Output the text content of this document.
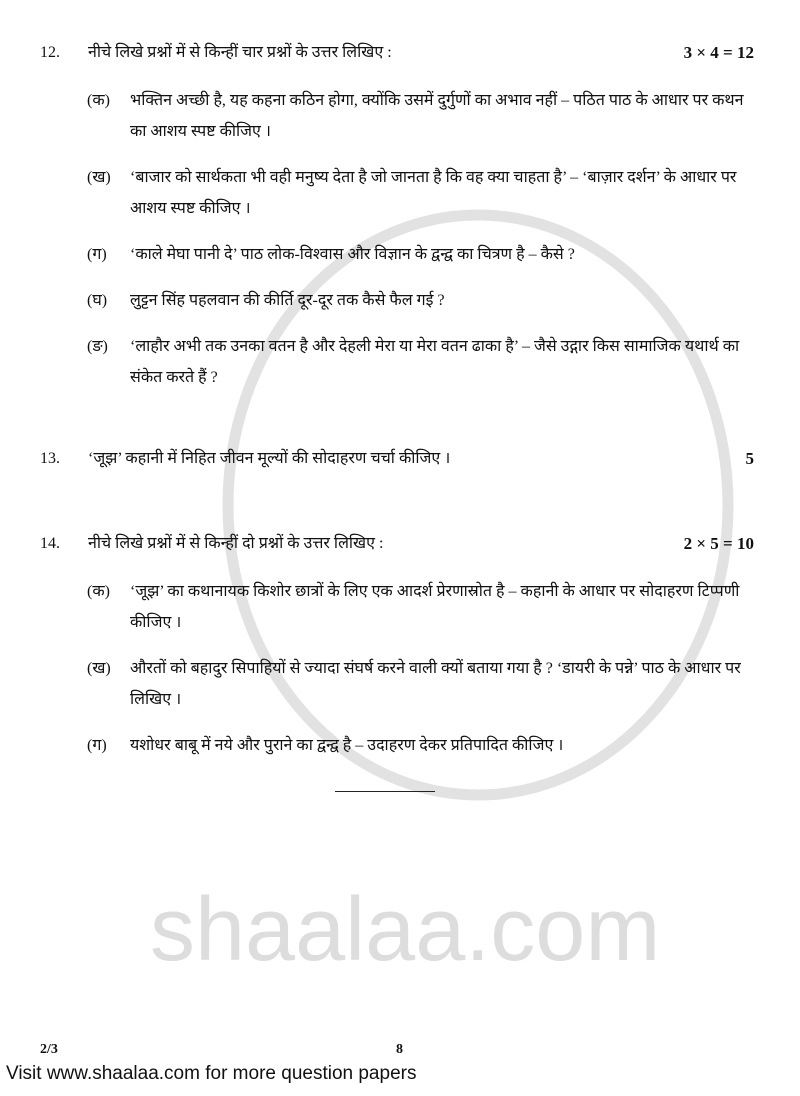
shaalaa.com
12.	नीचे लिखे प्रश्नों में से किन्हीं चार प्रश्नों के उत्तर लिखिए :	3 × 4 = 12
(क)	भक्तिन अच्छी है, यह कहना कठिन होगा, क्योंकि उसमें दुर्गुणों का अभाव नहीं – पठित पाठ के आधार पर कथन का आशय स्पष्ट कीजिए ।
(ख)	‘बाजार को सार्थकता भी वही मनुष्य देता है जो जानता है कि वह क्या चाहता है’ – ‘बाज़ार दर्शन’ के आधार पर आशय स्पष्ट कीजिए ।
(ग)	‘काले मेघा पानी दे’ पाठ लोक-विश्वास और विज्ञान के द्वन्द्व का चित्रण है – कैसे ?
(घ)	लुट्टन सिंह पहलवान की कीर्ति दूर-दूर तक कैसे फैल गई ?
(ङ)	‘लाहौर अभी तक उनका वतन है और देहली मेरा या मेरा वतन ढाका है’ – जैसे उद्गार किस सामाजिक यथार्थ का संकेत करते हैं ?
13.	‘जूझ’ कहानी में निहित जीवन मूल्यों की सोदाहरण चर्चा कीजिए ।	5
14.	नीचे लिखे प्रश्नों में से किन्हीं दो प्रश्नों के उत्तर लिखिए :	2 × 5 = 10
(क)	‘जूझ’ का कथानायक किशोर छात्रों के लिए एक आदर्श प्रेरणास्रोत है – कहानी के आधार पर सोदाहरण टिप्पणी कीजिए ।
(ख)	औरतों को बहादुर सिपाहियों से ज्यादा संघर्ष करने वाली क्यों बताया गया है ? ‘डायरी के पन्ने’ पाठ के आधार पर लिखिए ।
(ग)	यशोधर बाबू में नये और पुराने का द्वन्द्व है – उदाहरण देकर प्रतिपादित कीजिए ।
2/3	8
Visit www.shaalaa.com for more question papers
